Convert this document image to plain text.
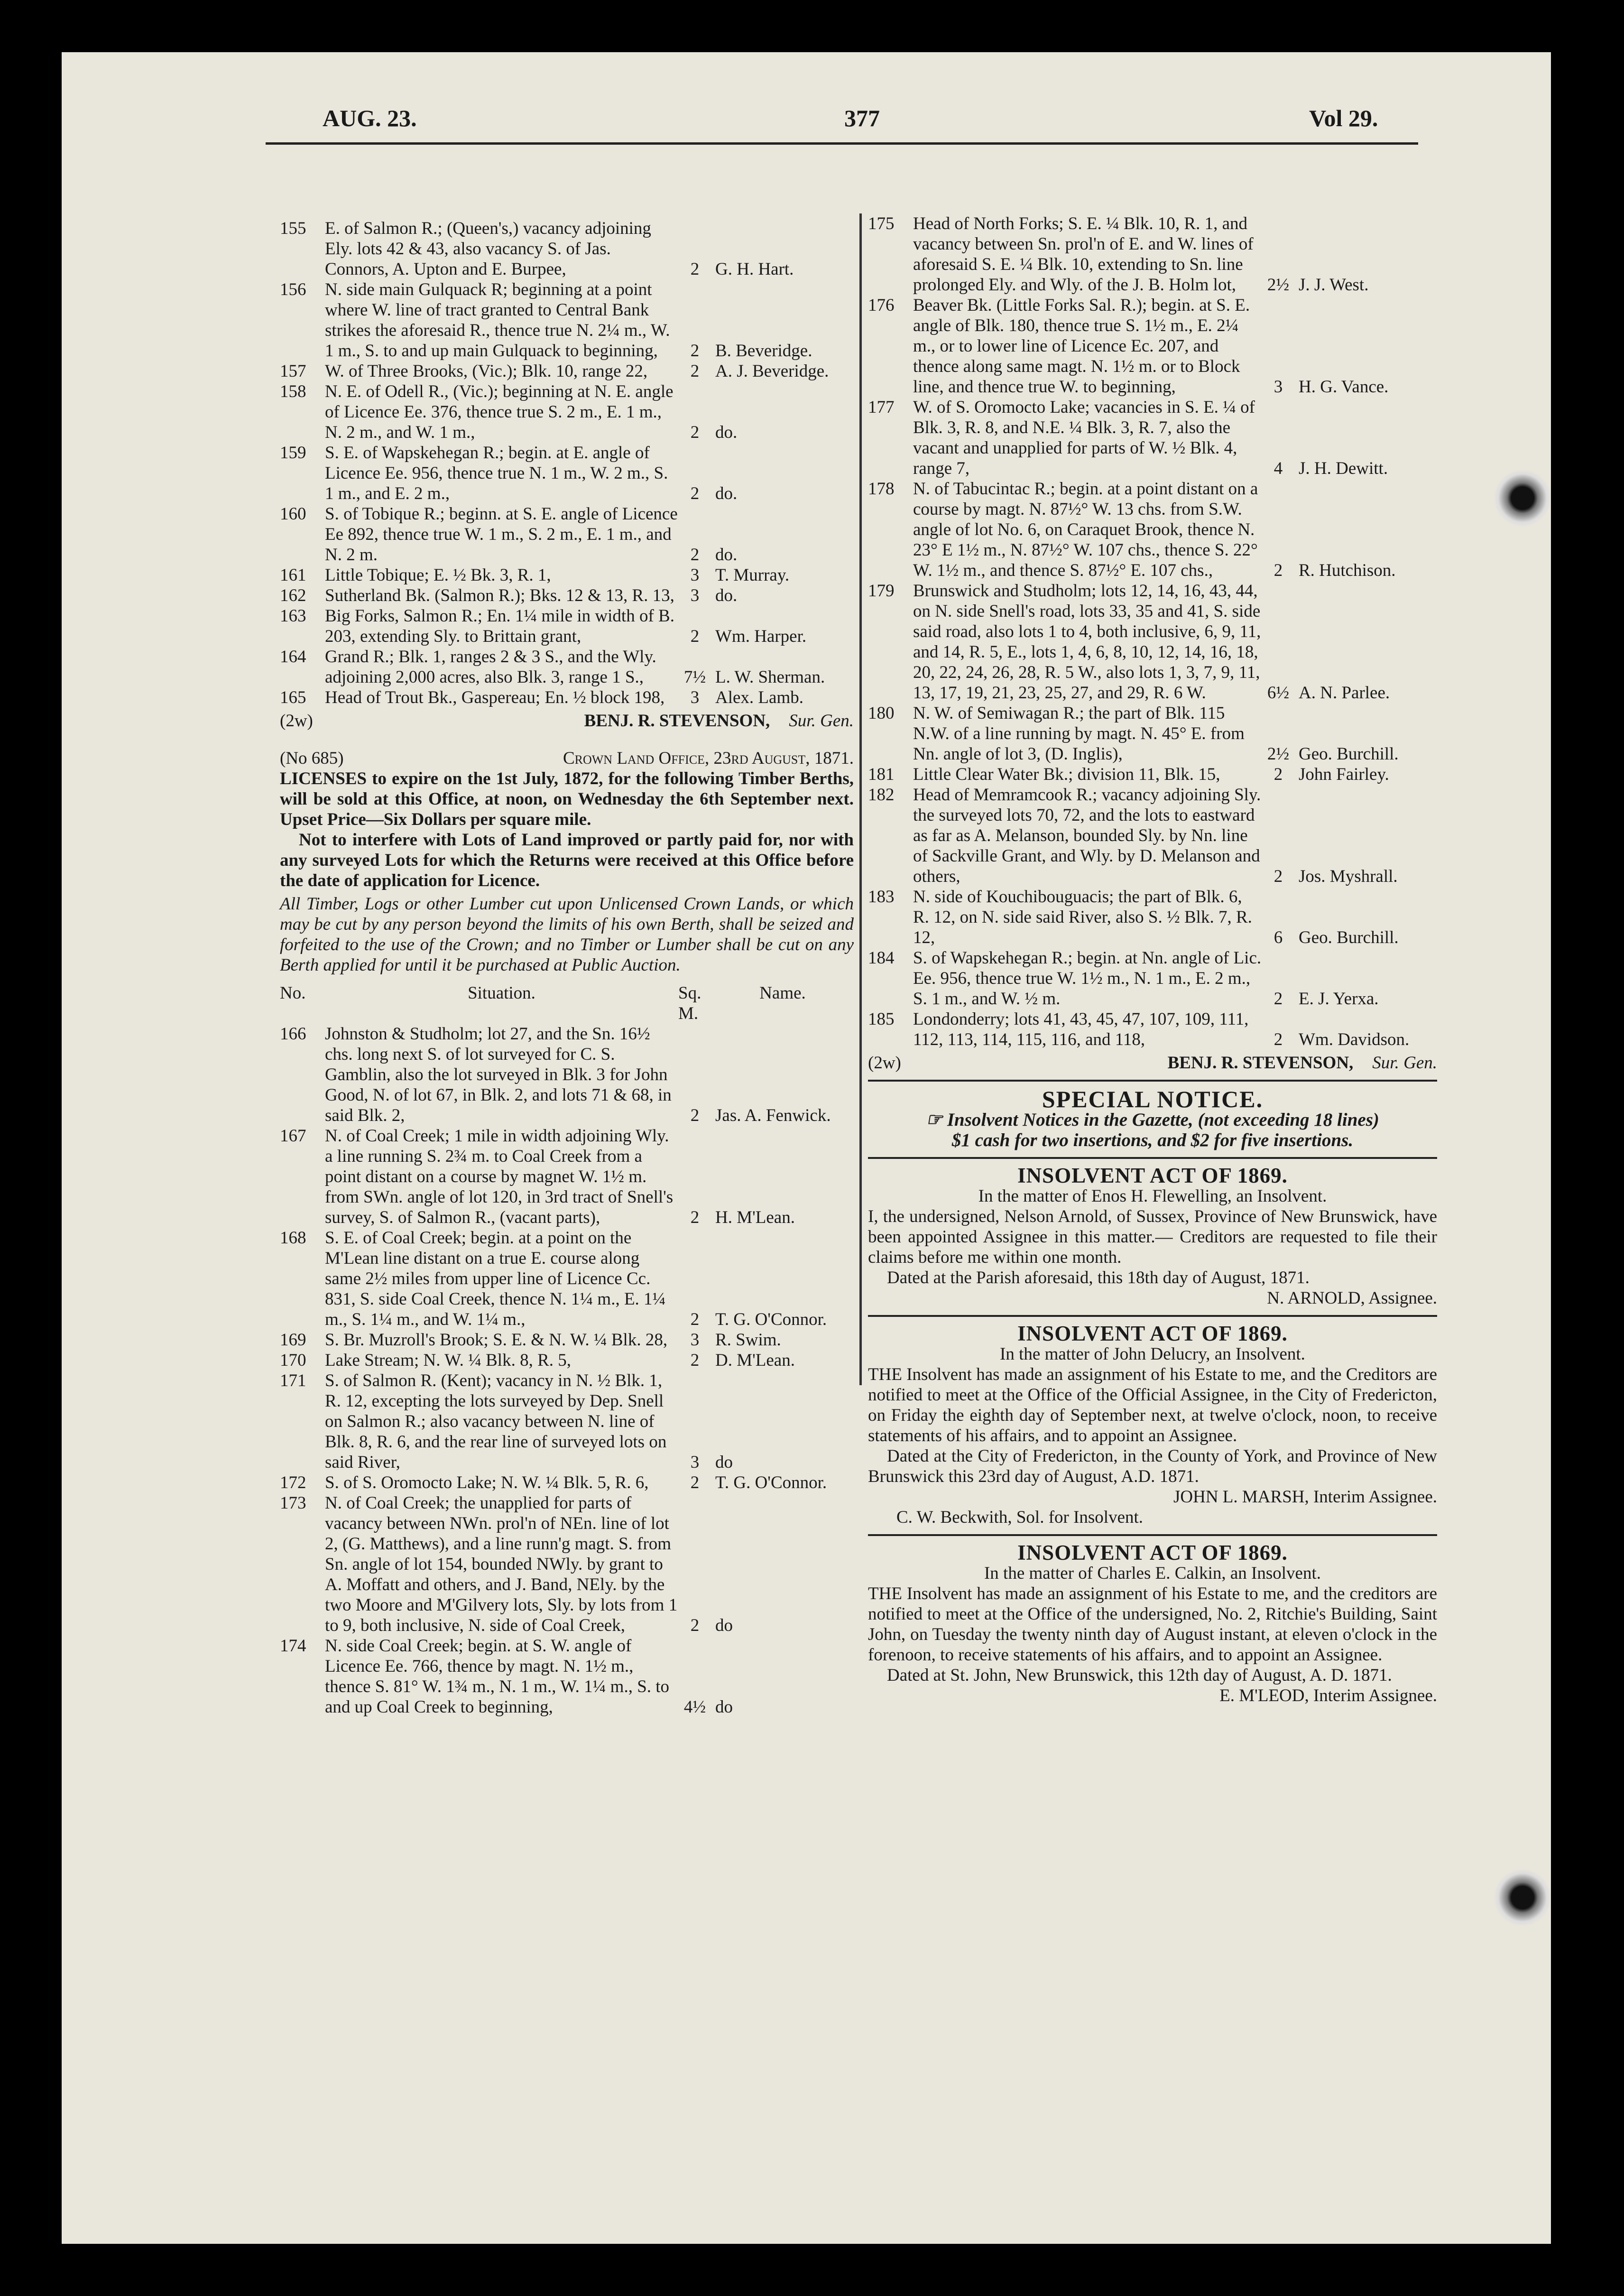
AUG. 23.	377	Vol 29.
155	E. of Salmon R.; (Queen's,) vacancy adjoining Ely. lots 42 & 43, also vacancy S. of Jas. Connors, A. Upton and E. Burpee,	2 G. H. Hart.
156	N. side main Gulquack R; beginning at a point where W. line of tract granted to Central Bank strikes the aforesaid R., thence true N. 2¼ m., W. 1 m., S. to and up main Gulquack to beginning,	2 B. Beveridge.
157	W. of Three Brooks, (Vic.); Blk. 10, range 22,	2 A. J. Beveridge.
158	N. E. of Odell R., (Vic.); beginning at N. E. angle of Licence Ee. 376, thence true S. 2 m., E. 1 m., N. 2 m., and W. 1 m.,	2 do.
159	S. E. of Wapskehegan R.; begin. at E. angle of Licence Ee. 956, thence true N. 1 m., W. 2 m., S. 1 m., and E. 2 m.,	2 do.
160	S. of Tobique R.; beginn. at S. E. angle of Licence Ee 892, thence true W. 1 m., S. 2 m., E. 1 m., and N. 2 m.	2 do.
161	Little Tobique; E. ½ Bk. 3, R. 1,	3 T. Murray.
162	Sutherland Bk. (Salmon R.); Bks. 12 & 13, R. 13, 3 do.
163	Big Forks, Salmon R.; En. 1¼ mile in width of B. 203, extending Sly. to Brittain grant,	2 Wm. Harper.
164	Grand R.; Blk. 1, ranges 2 & 3 S., and the Wly. adjoining 2,000 acres, also Blk. 3, range 1 S.,	7½ L. W. Sherman.
165	Head of Trout Bk., Gaspereau; En. ½ block 198,	3 Alex. Lamb.
(2w)	BENJ. R. STEVENSON, Sur. Gen.
(No 685)	Crown Land Office, 23rd August, 1871.

LICENSES to expire on the 1st July, 1872, for the following Timber Berths, will be sold at this Office, at noon, on Wednesday the 6th September next. Upset Price—Six Dollars per square mile.

Not to interfere with Lots of Land improved or partly paid for, nor with any surveyed Lots for which the Returns were received at this Office before the date of application for Licence.

All Timber, Logs or other Lumber cut upon Unlicensed Crown Lands, or which may be cut by any person beyond the limits of his own Berth, shall be seized and forfeited to the use of the Crown; and no Timber or Lumber shall be cut on any Berth applied for until it be purchased at Public Auction.

No.	Situation.	Sq. M.
Name.
166	Johnston & Studholm; lot 27, and the Sn. 16½ chs. long next S. of lot surveyed for C. S. Gamblin, also the lot surveyed in Blk. 3 for John Good, N. of lot 67, in Blk. 2, and lots 71 & 68, in said Blk. 2,	2 Jas. A. Fenwick.
167	N. of Coal Creek; 1 mile in width adjoining Wly. a line running S. 2¾ m. to Coal Creek from a point distant on a course by magnet W. 1½ m. from SWn. angle of lot 120, in 3rd tract of Snell's survey, S. of Salmon R., (vacant parts),	2 H. M'Lean.
168	S. E. of Coal Creek; begin. at a point on the M'Lean line distant on a true E. course along same 2½ miles from upper line of Licence Cc. 831, S. side Coal Creek, thence N. 1¼ m., E. 1¼ m., S. 1¼ m., and W. 1¼ m.,	2 T. G. O'Connor.
169	S. Br. Muzroll's Brook; S. E. & N. W. ¼ Blk. 28,	3 R. Swim.
170	Lake Stream; N. W. ¼ Blk. 8, R. 5,	2 D. M'Lean.
171	S. of Salmon R. (Kent); vacancy in N. ½ Blk. 1, R. 12, excepting the lots surveyed by Dep. Snell on Salmon R.; also vacancy between N. line of Blk. 8, R. 6, and the rear line of surveyed lots on said River,	3 do
172	S. of S. Oromocto Lake; N. W. ¼ Blk. 5, R. 6,	2 T. G. O'Connor.
173	N. of Coal Creek; the unapplied for parts of vacancy between NWn. prol'n of NEn. line of lot 2, (G. Matthews), and a line runn'g magt. S. from Sn. angle of lot 154, bounded NWly. by grant to A. Moffatt and others, and J. Band, NEly. by the two Moore and M'Gilvery lots, Sly. by lots from 1 to 9, both inclusive, N. side of Coal Creek,	2 do
174	N. side Coal Creek; begin. at S. W. angle of Licence Ee. 766, thence by magt. N. 1½ m., thence S. 81° W. 1¾ m., N. 1 m., W. 1¼ m., S. to and up Coal Creek to beginning,	4½ do
175	Head of North Forks; S. E. ¼ Blk. 10, R. 1, and vacancy between Sn. prol'n of E. and W. lines of aforesaid S. E. ¼ Blk. 10, extending to Sn. line prolonged Ely. and Wly. of the J. B. Holm lot,	2½ J. J. West.
176	Beaver Bk. (Little Forks Sal. R.); begin. at S. E. angle of Blk. 180, thence true S. 1½ m., E. 2¼ m., or to lower line of Licence Ec. 207, and thence along same magt. N. 1½ m. or to Block line, and thence true W. to beginning,	3 H. G. Vance.
177	W. of S. Oromocto Lake; vacancies in S. E. ¼ of Blk. 3, R. 8, and N.E. ¼ Blk. 3, R. 7, also the vacant and unapplied for parts of W. ½ Blk. 4, range 7,	4 J. H. Dewitt.
178	N. of Tabucintac R.; begin. at a point distant on a course by magt. N. 87½° W. 13 chs. from S.W. angle of lot No. 6, on Caraquet Brook, thence N. 23° E 1½ m., N. 87½° W. 107 chs., thence S. 22° W. 1½ m., and thence S. 87½° E. 107 chs.,	2 R. Hutchison.
179	Brunswick and Studholm; lots 12, 14, 16, 43, 44, on N. side Snell's road, lots 33, 35 and 41, S. side said road, also lots 1 to 4, both inclusive, 6, 9, 11, and 14, R. 5, E., lots 1, 4, 6, 8, 10, 12, 14, 16, 18, 20, 22, 24, 26, 28, R. 5 W., also lots 1, 3, 7, 9, 11, 13, 17, 19, 21, 23, 25, 27, and 29, R. 6 W.	6½ A. N. Parlee.
180	N. W. of Semiwagan R.; the part of Blk. 115 N.W. of a line running by magt. N. 45° E. from Nn. angle of lot 3, (D. Inglis),	2½ Geo. Burchill.
181	Little Clear Water Bk.; division 11, Blk. 15,	2 John Fairley.
182	Head of Memramcook R.; vacancy adjoining Sly. the surveyed lots 70, 72, and the lots to eastward as far as A. Melanson, bounded Sly. by Nn. line of Sackville Grant, and Wly. by D. Melanson and others,	2 Jos. Myshrall.
183	N. side of Kouchibouguacis; the part of Blk. 6, R. 12, on N. side said River, also S. ½ Blk. 7, R. 12,	6 Geo. Burchill.
184	S. of Wapskehegan R.; begin. at Nn. angle of Lic. Ee. 956, thence true W. 1½ m., N. 1 m., E. 2 m., S. 1 m., and W. ½ m.	2 E. J. Yerxa.
185	Londonderry; lots 41, 43, 45, 47, 107, 109, 111, 112, 113, 114, 115, 116, and 118,	2 Wm. Davidson.
(2w)	BENJ. R. STEVENSON, Sur. Gen.
SPECIAL NOTICE.
☞ Insolvent Notices in the Gazette, (not exceeding 18 lines)
$1 cash for two insertions, and $2 for five insertions.
INSOLVENT ACT OF 1869.
In the matter of Enos H. Flewelling, an Insolvent.

I, the undersigned, Nelson Arnold, of Sussex, Province of New Brunswick, have been appointed Assignee in this matter.— Creditors are requested to file their claims before me within one month.

Dated at the Parish aforesaid, this 18th day of August, 1871.

N. ARNOLD, Assignee.
INSOLVENT ACT OF 1869.
In the matter of John Delucry, an Insolvent.

THE Insolvent has made an assignment of his Estate to me, and the Creditors are notified to meet at the Office of the Official Assignee, in the City of Fredericton, on Friday the eighth day of September next, at twelve o'clock, noon, to receive statements of his affairs, and to appoint an Assignee.

Dated at the City of Fredericton, in the County of York, and Province of New Brunswick this 23rd day of August, A.D. 1871.

JOHN L. MARSH, Interim Assignee.
C. W. Beckwith, Sol. for Insolvent.
INSOLVENT ACT OF 1869.
In the matter of Charles E. Calkin, an Insolvent.

THE Insolvent has made an assignment of his Estate to me, and the creditors are notified to meet at the Office of the undersigned, No. 2, Ritchie's Building, Saint John, on Tuesday the twenty ninth day of August instant, at eleven o'clock in the forenoon, to receive statements of his affairs, and to appoint an Assignee.

Dated at St. John, New Brunswick, this 12th day of August, A. D. 1871.

E. M'LEOD, Interim Assignee.
